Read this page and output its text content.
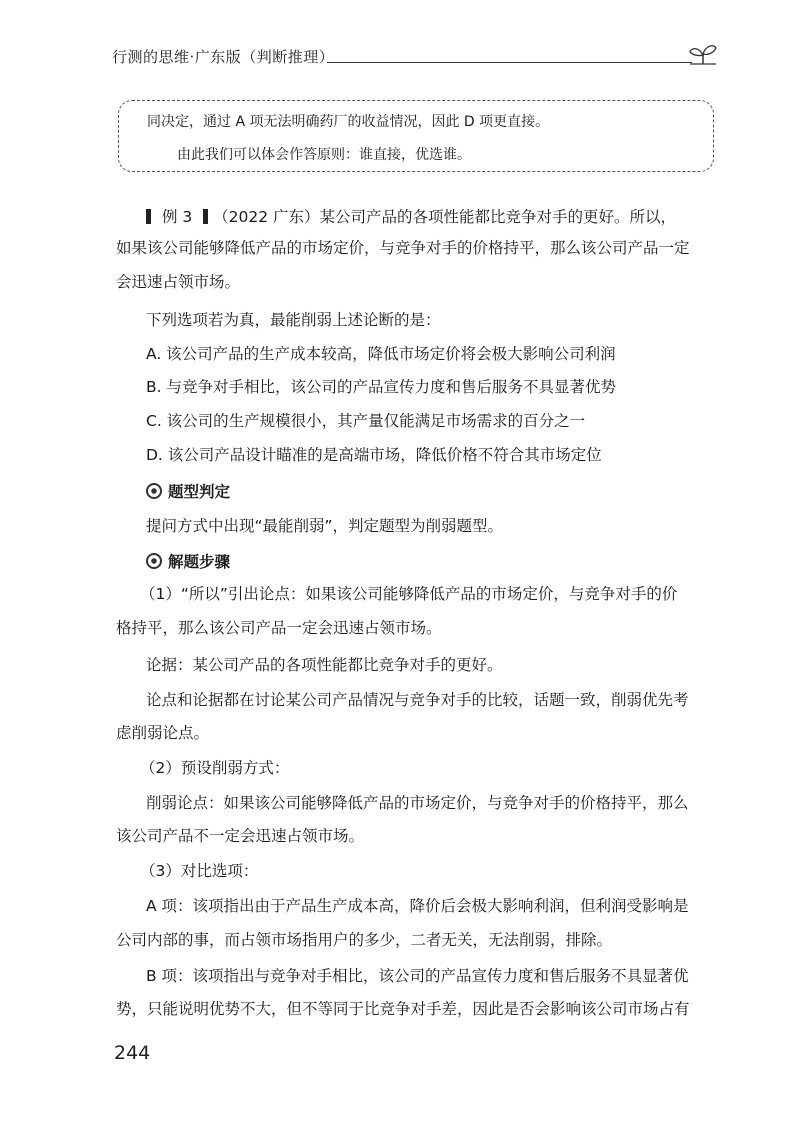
行测的思维·广东版（判断推理）
同决定，通过 A 项无法明确药厂的收益情况，因此 D 项更直接。
由此我们可以体会作答原则：谁直接，优选谁。
例 3 （2022 广东）某公司产品的各项性能都比竞争对手的更好。所以，
如果该公司能够降低产品的市场定价，与竞争对手的价格持平，那么该公司产品一定
会迅速占领市场。
下列选项若为真，最能削弱上述论断的是：
A. 该公司产品的生产成本较高，降低市场定价将会极大影响公司利润
B. 与竞争对手相比，该公司的产品宣传力度和售后服务不具显著优势
C. 该公司的生产规模很小，其产量仅能满足市场需求的百分之一
D. 该公司产品设计瞄准的是高端市场，降低价格不符合其市场定位
题型判定
提问方式中出现“最能削弱”，判定题型为削弱题型。
解题步骤
（1）“所以”引出论点：如果该公司能够降低产品的市场定价，与竞争对手的价
格持平，那么该公司产品一定会迅速占领市场。
论据：某公司产品的各项性能都比竞争对手的更好。
论点和论据都在讨论某公司产品情况与竞争对手的比较，话题一致，削弱优先考
虑削弱论点。
（2）预设削弱方式：
削弱论点：如果该公司能够降低产品的市场定价，与竞争对手的价格持平，那么
该公司产品不一定会迅速占领市场。
（3）对比选项：
A 项：该项指出由于产品生产成本高，降价后会极大影响利润，但利润受影响是
公司内部的事，而占领市场指用户的多少，二者无关，无法削弱，排除。
B 项：该项指出与竞争对手相比，该公司的产品宣传力度和售后服务不具显著优
势，只能说明优势不大，但不等同于比竞争对手差，因此是否会影响该公司市场占有
244
